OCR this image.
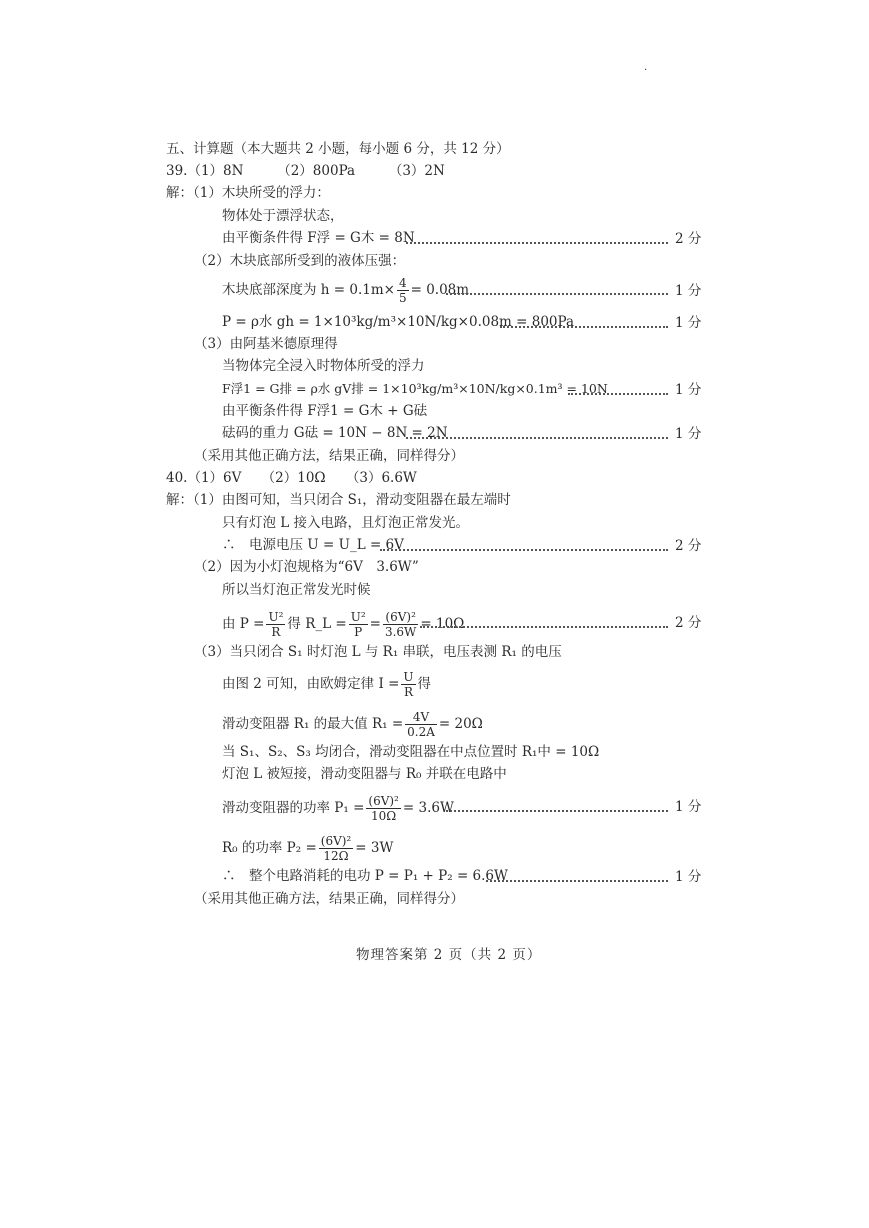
.
五、计算题（本大题共 2 小题，每小题 6 分，共 12 分）
39.（1）8N　　　（2）800Pa　　　（3）2N
解：（1）木块所受的浮力：
物体处于漂浮状态，
由平衡条件得 F浮 = G木 = 8N	2 分
（2）木块底部所受到的液体压强：
木块底部深度为 $h = 0.1m\times \frac{4}{5} = 0.08m$	1 分
P = ρ水 gh = 1×10³kg/m³×10N/kg×0.08m = 800Pa	1 分
（3）由阿基米德原理得
当物体完全浸入时物体所受的浮力
F浮1 = G排 = ρ水 gV排 = 1×10³kg/m³×10N/kg×0.1m³ = 10N	1 分
由平衡条件得 F浮1 = G木 + G砝
砝码的重力 G砝 = 10N − 8N = 2N	1 分
（采用其他正确方法，结果正确，同样得分）
40.（1）6V　　（2）10Ω　　（3）6.6W
解：（1）由图可知，当只闭合 S₁，滑动变阻器在最左端时
只有灯泡 L 接入电路，且灯泡正常发光。
∴　电源电压 U = U_L = 6V	2 分
（2）因为小灯泡规格为“6V　3.6W”
所以当灯泡正常发光时候
由 $P = \frac{\text{U²}}{R}$ 得 R_L = $\frac{\text{U²}}{P} = \frac{\text{(6V)²}}{3.6W} = 10\Omega$	2 分
（3）当只闭合 S₁ 时灯泡 L 与 R₁ 串联，电压表测 R₁ 的电压
由图 2 可知，由欧姆定律 $I = \frac{U}{R}$ 得
滑动变阻器 R₁ 的最大值 $R_1 = \frac{4V}{0.2A} = 20\Omega$
当 S₁、S₂、S₃ 均闭合，滑动变阻器在中点位置时 R₁中 = 10Ω
灯泡 L 被短接，滑动变阻器与 R₀ 并联在电路中
滑动变阻器的功率 $P_1 = \frac{\text{(6V)²}}{10\Omega} = 3.6W$	1 分
R₀ 的功率 $P_2 = \frac{\text{(6V)²}}{12\Omega} = 3W$
∴　整个电路消耗的电功 P = P₁ + P₂ = 6.6W	1 分
（采用其他正确方法，结果正确，同样得分）
物理答案第 2 页（共 2 页）
